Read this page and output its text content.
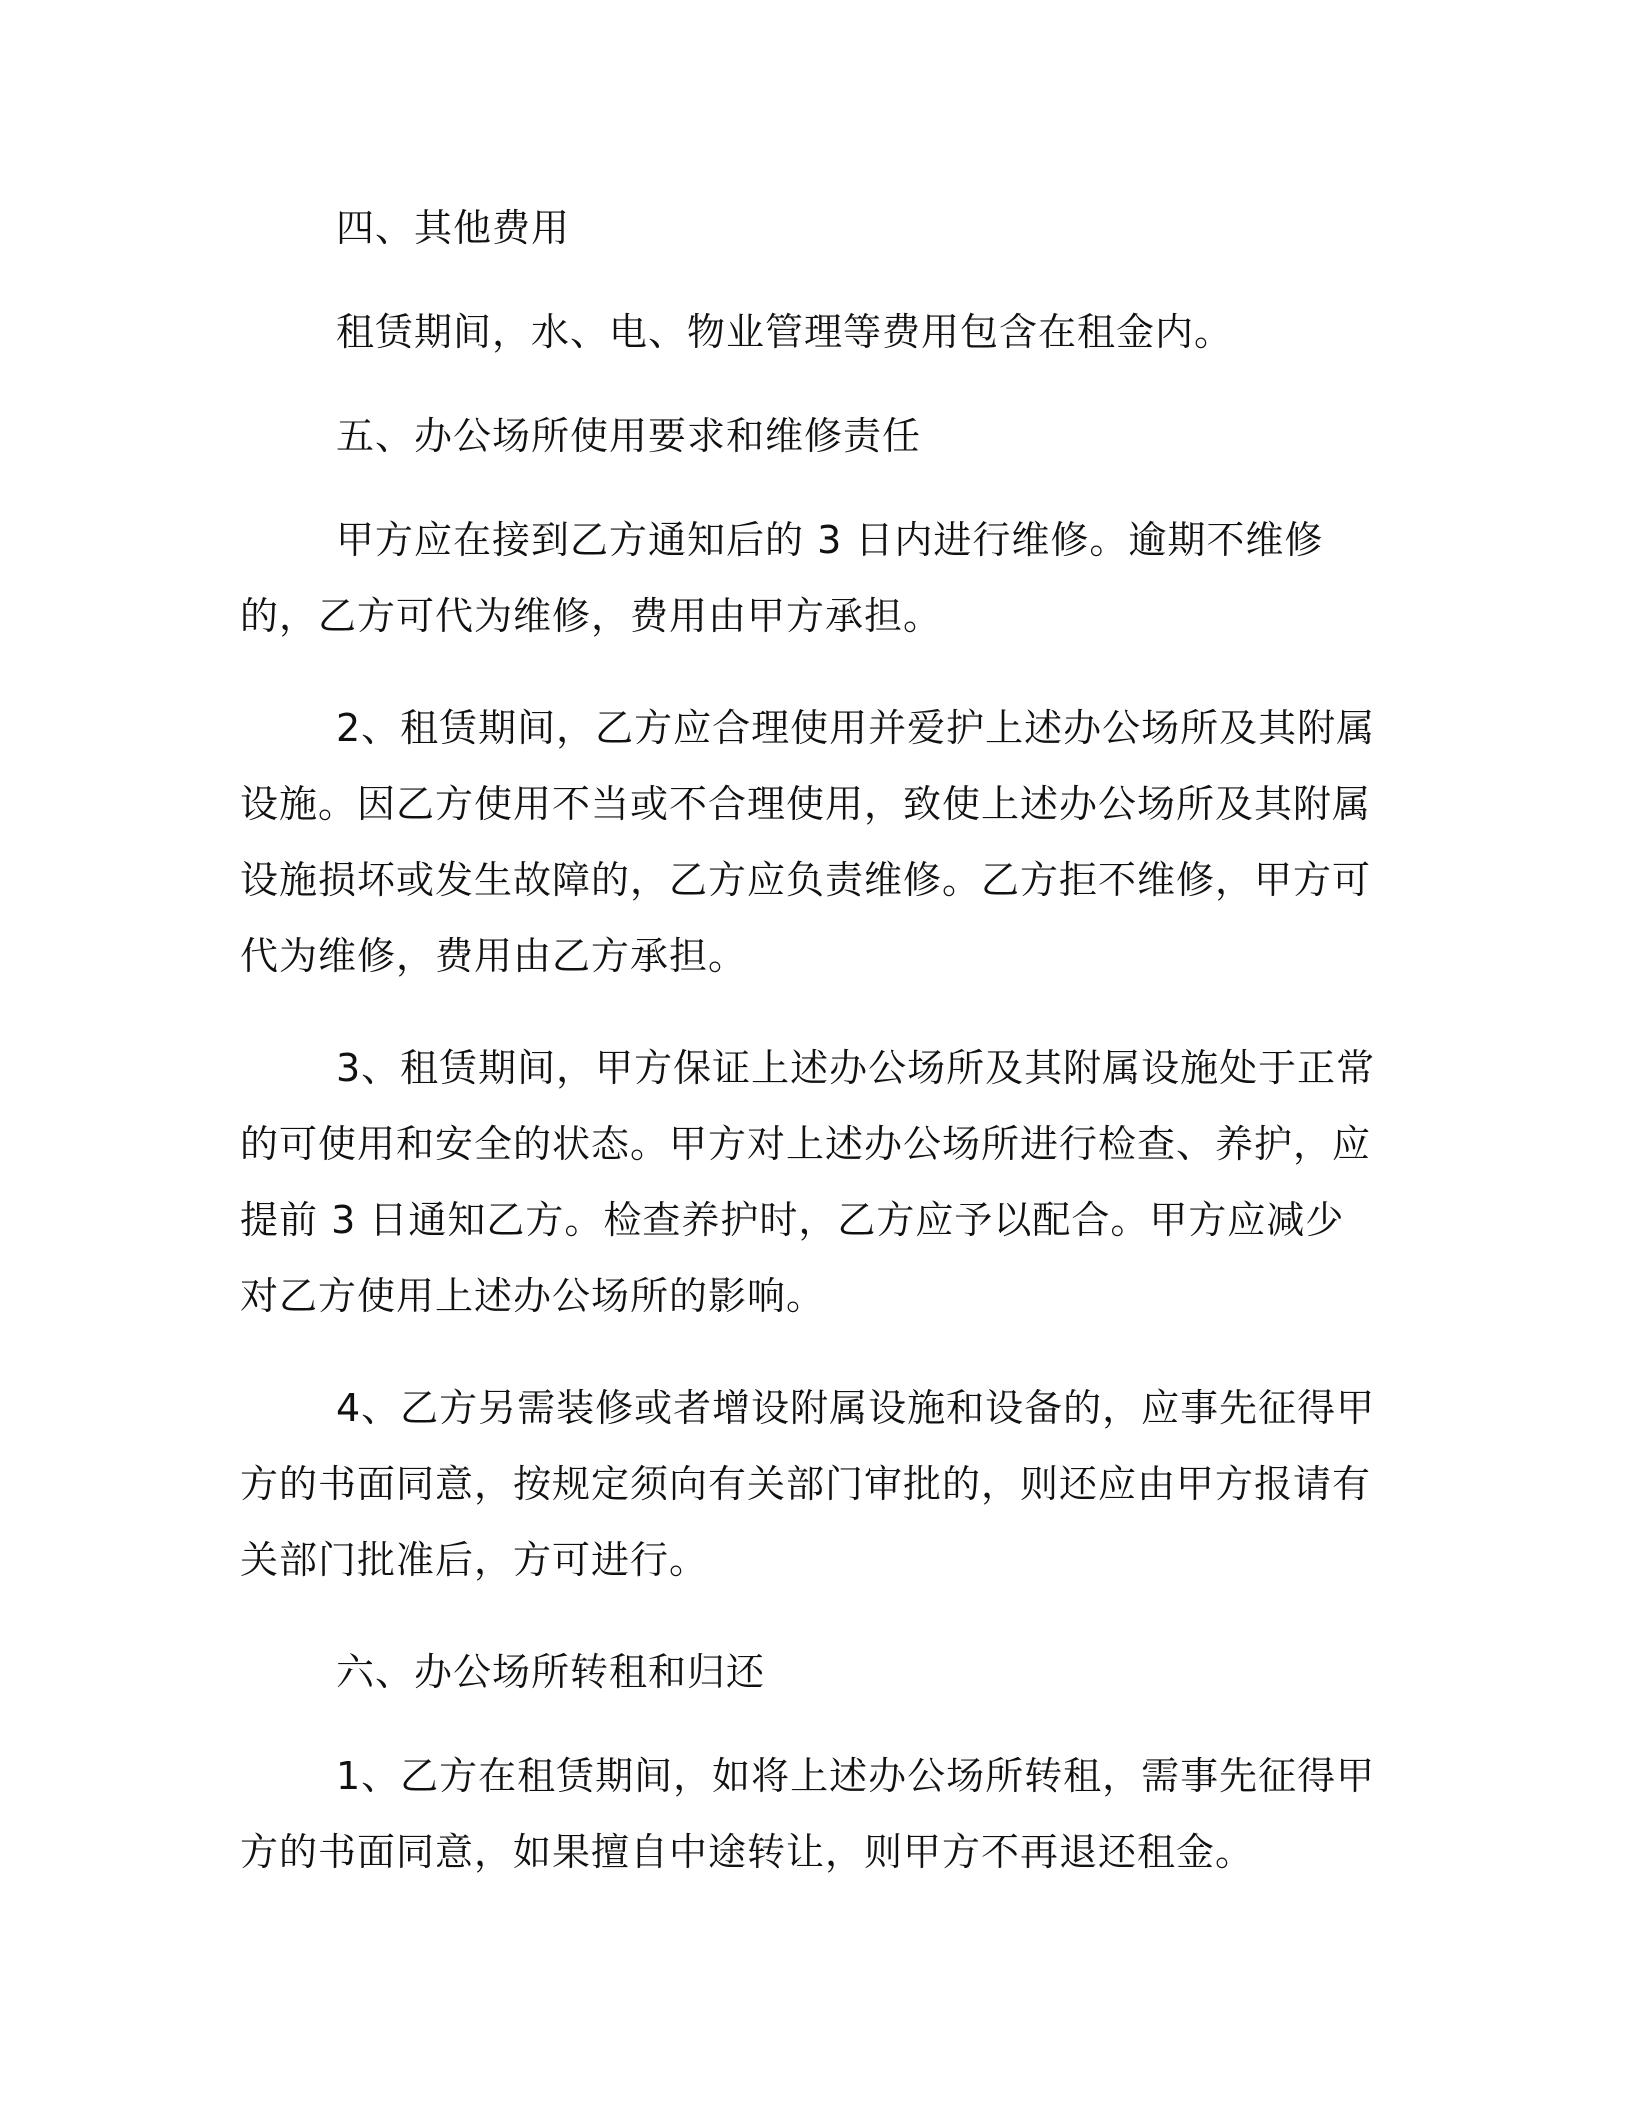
四、其他费用

租赁期间，水、电、物业管理等费用包含在租金内。

五、办公场所使用要求和维修责任

甲方应在接到乙方通知后的 3 日内进行维修。逾期不维修的，乙方可代为维修，费用由甲方承担。

2、租赁期间，乙方应合理使用并爱护上述办公场所及其附属设施。因乙方使用不当或不合理使用，致使上述办公场所及其附属设施损坏或发生故障的，乙方应负责维修。乙方拒不维修，甲方可代为维修，费用由乙方承担。

3、租赁期间，甲方保证上述办公场所及其附属设施处于正常的可使用和安全的状态。甲方对上述办公场所进行检查、养护，应提前 3 日通知乙方。检查养护时，乙方应予以配合。甲方应减少对乙方使用上述办公场所的影响。

4、乙方另需装修或者增设附属设施和设备的，应事先征得甲方的书面同意，按规定须向有关部门审批的，则还应由甲方报请有关部门批准后，方可进行。

六、办公场所转租和归还

1、乙方在租赁期间，如将上述办公场所转租，需事先征得甲方的书面同意，如果擅自中途转让，则甲方不再退还租金。
